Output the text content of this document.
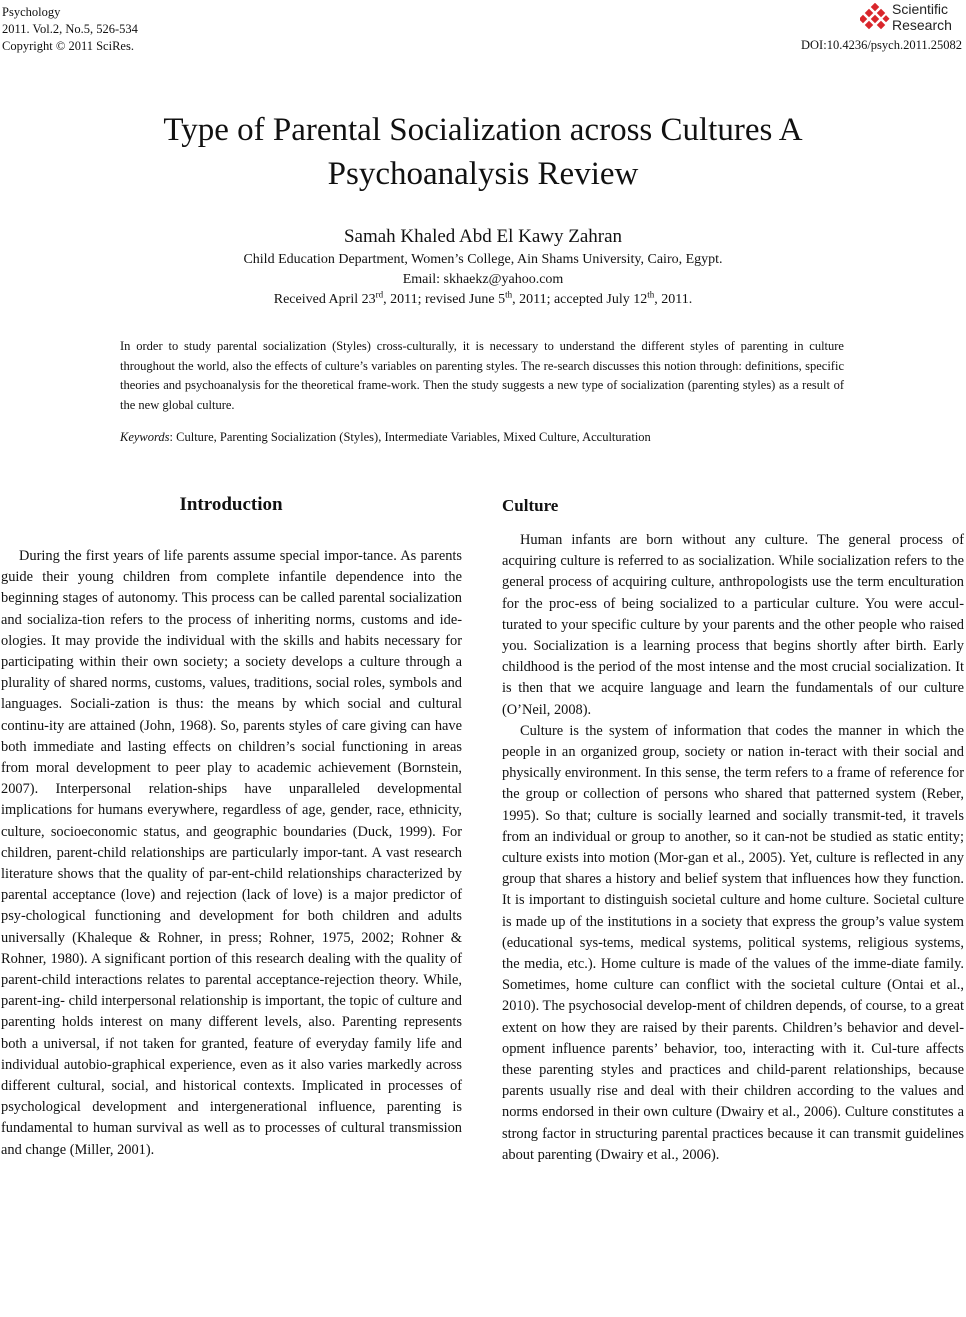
Psychology
2011. Vol.2, No.5, 526-534
Copyright © 2011 SciRes.
Scientific
Research
DOI:10.4236/psych.2011.25082
Type of Parental Socialization across Cultures A
Psychoanalysis Review
Samah Khaled Abd El Kawy Zahran
Child Education Department, Women’s College, Ain Shams University, Cairo, Egypt.
Email: skhaekz@yahoo.com
Received April 23rd, 2011; revised June 5th, 2011; accepted July 12th, 2011.
In order to study parental socialization (Styles) cross-culturally, it is necessary to understand the different styles of parenting in culture throughout the world, also the effects of culture’s variables on parenting styles. The re-search discusses this notion through: definitions, specific theories and psychoanalysis for the theoretical frame-work. Then the study suggests a new type of socialization (parenting styles) as a result of the new global culture.
Keywords: Culture, Parenting Socialization (Styles), Intermediate Variables, Mixed Culture, Acculturation
Introduction

During the first years of life parents assume special impor-tance. As parents guide their young children from complete infantile dependence into the beginning stages of autonomy. This process can be called parental socialization and socializa-tion refers to the process of inheriting norms, customs and ide-ologies. It may provide the individual with the skills and habits necessary for participating within their own society; a society develops a culture through a plurality of shared norms, customs, values, traditions, social roles, symbols and languages. Sociali-zation is thus: the means by which social and cultural continu-ity are attained (John, 1968). So, parents styles of care giving can have both immediate and lasting effects on children’s social functioning in areas from moral development to peer play to academic achievement (Bornstein, 2007). Interpersonal relation-ships have unparalleled developmental implications for humans everywhere, regardless of age, gender, race, ethnicity, culture, socioeconomic status, and geographic boundaries (Duck, 1999). For children, parent-child relationships are particularly impor-tant. A vast research literature shows that the quality of par-ent-child relationships characterized by parental acceptance (love) and rejection (lack of love) is a major predictor of psy-chological functioning and development for both children and adults universally (Khaleque & Rohner, in press; Rohner, 1975, 2002; Rohner & Rohner, 1980). A significant portion of this research dealing with the quality of parent-child interactions relates to parental acceptance-rejection theory. While, parent-ing- child interpersonal relationship is important, the topic of culture and parenting holds interest on many different levels, also. Parenting represents both a universal, if not taken for granted, feature of everyday family life and individual autobio-graphical experience, even as it also varies markedly across different cultural, social, and historical contexts. Implicated in processes of psychological development and intergenerational influence, parenting is fundamental to human survival as well as to processes of cultural transmission and change (Miller, 2001).

Culture

Human infants are born without any culture. The general process of acquiring culture is referred to as socialization. While socialization refers to the general process of acquiring culture, anthropologists use the term enculturation for the proc-ess of being socialized to a particular culture. You were accul-turated to your specific culture by your parents and the other people who raised you. Socialization is a learning process that begins shortly after birth. Early childhood is the period of the most intense and the most crucial socialization. It is then that we acquire language and learn the fundamentals of our culture (O’Neil, 2008).

Culture is the system of information that codes the manner in which the people in an organized group, society or nation in-teract with their social and physically environment. In this sense, the term refers to a frame of reference for the group or collection of persons who shared that patterned system (Reber, 1995). So that; culture is socially learned and socially transmit-ted, it travels from an individual or group to another, so it can-not be studied as static entity; culture exists into motion (Mor-gan et al., 2005). Yet, culture is reflected in any group that shares a history and belief system that influences how they function. It is important to distinguish societal culture and home culture. Societal culture is made up of the institutions in a society that express the group’s value system (educational sys-tems, medical systems, political systems, religious systems, the media, etc.). Home culture is made of the values of the imme-diate family. Sometimes, home culture can conflict with the societal culture (Ontai et al., 2010). The psychosocial develop-ment of children depends, of course, to a great extent on how they are raised by their parents. Children’s behavior and devel-opment influence parents’ behavior, too, interacting with it. Cul-ture affects these parenting styles and practices and child-parent relationships, because parents usually rise and deal with their children according to the values and norms endorsed in their own culture (Dwairy et al., 2006). Culture constitutes a strong factor in structuring parental practices because it can transmit guidelines about parenting (Dwairy et al., 2006).
